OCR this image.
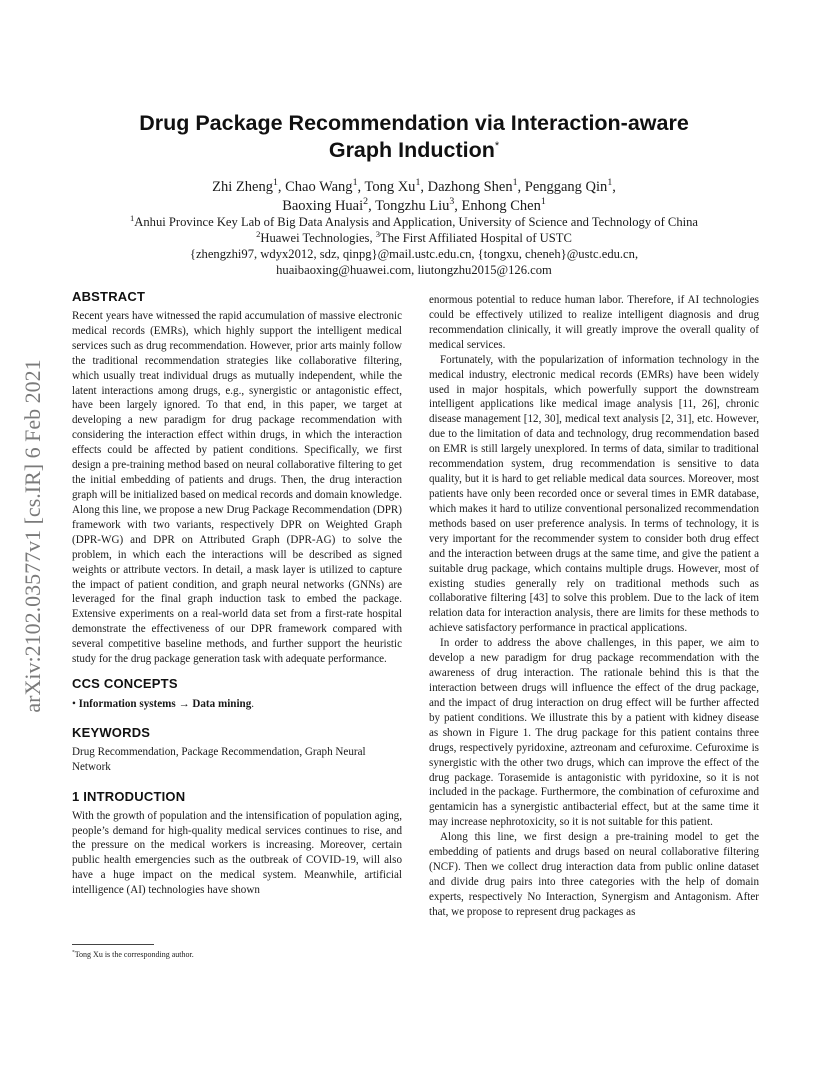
arXiv:2102.03577v1 [cs.IR] 6 Feb 2021
Drug Package Recommendation via Interaction-aware
Graph Induction*
Zhi Zheng$^1$, Chao Wang$^1$, Tong Xu$^1$, Dazhong Shen$^1$, Penggang Qin$^1$,
Baoxing Huai$^2$, Tongzhu Liu$^3$, Enhong Chen$^1$
$^1$Anhui Province Key Lab of Big Data Analysis and Application, University of Science and Technology of China
$^2$Huawei Technologies, $^3$The First Affiliated Hospital of USTC
{zhengzhi97, wdyx2012, sdz, qinpg}@mail.ustc.edu.cn, {tongxu, cheneh}@ustc.edu.cn,
huaibaoxing@huawei.com, liutongzhu2015@126.com
ABSTRACT

Recent years have witnessed the rapid accumulation of massive electronic medical records (EMRs), which highly support the intelligent medical services such as drug recommendation. However, prior arts mainly follow the traditional recommendation strategies like collaborative filtering, which usually treat individual drugs as mutually independent, while the latent interactions among drugs, e.g., synergistic or antagonistic effect, have been largely ignored. To that end, in this paper, we target at developing a new paradigm for drug package recommendation with considering the interaction effect within drugs, in which the interaction effects could be affected by patient conditions. Specifically, we first design a pre-training method based on neural collaborative filtering to get the initial embedding of patients and drugs. Then, the drug interaction graph will be initialized based on medical records and domain knowledge. Along this line, we propose a new Drug Package Recommendation (DPR) framework with two variants, respectively DPR on Weighted Graph (DPR-WG) and DPR on Attributed Graph (DPR-AG) to solve the problem, in which each the interactions will be described as signed weights or attribute vectors. In detail, a mask layer is utilized to capture the impact of patient condition, and graph neural networks (GNNs) are leveraged for the final graph induction task to embed the package. Extensive experiments on a real-world data set from a first-rate hospital demonstrate the effectiveness of our DPR framework compared with several competitive baseline methods, and further support the heuristic study for the drug package generation task with adequate performance.

CCS CONCEPTS

• Information systems → Data mining.

KEYWORDS

Drug Recommendation, Package Recommendation, Graph Neural Network

1 INTRODUCTION

With the growth of population and the intensification of population aging, people’s demand for high-quality medical services continues to rise, and the pressure on the medical workers is increasing. Moreover, certain public health emergencies such as the outbreak of COVID-19, will also have a huge impact on the medical system. Meanwhile, artificial intelligence (AI) technologies have shown

enormous potential to reduce human labor. Therefore, if AI technologies could be effectively utilized to realize intelligent diagnosis and drug recommendation clinically, it will greatly improve the overall quality of medical services.

Fortunately, with the popularization of information technology in the medical industry, electronic medical records (EMRs) have been widely used in major hospitals, which powerfully support the downstream intelligent applications like medical image analysis [11, 26], chronic disease management [12, 30], medical text analysis [2, 31], etc. However, due to the limitation of data and technology, drug recommendation based on EMR is still largely unexplored. In terms of data, similar to traditional recommendation system, drug recommendation is sensitive to data quality, but it is hard to get reliable medical data sources. Moreover, most patients have only been recorded once or several times in EMR database, which makes it hard to utilize conventional personalized recommendation methods based on user preference analysis. In terms of technology, it is very important for the recommender system to consider both drug effect and the interaction between drugs at the same time, and give the patient a suitable drug package, which contains multiple drugs. However, most of existing studies generally rely on traditional methods such as collaborative filtering [43] to solve this problem. Due to the lack of item relation data for interaction analysis, there are limits for these methods to achieve satisfactory performance in practical applications.

In order to address the above challenges, in this paper, we aim to develop a new paradigm for drug package recommendation with the awareness of drug interaction. The rationale behind this is that the interaction between drugs will influence the effect of the drug package, and the impact of drug interaction on drug effect will be further affected by patient conditions. We illustrate this by a patient with kidney disease as shown in Figure 1. The drug package for this patient contains three drugs, respectively pyridoxine, aztreonam and cefuroxime. Cefuroxime is synergistic with the other two drugs, which can improve the effect of the drug package. Torasemide is antagonistic with pyridoxine, so it is not included in the package. Furthermore, the combination of cefuroxime and gentamicin has a synergistic antibacterial effect, but at the same time it may increase nephrotoxicity, so it is not suitable for this patient.

Along this line, we first design a pre-training model to get the embedding of patients and drugs based on neural collaborative filtering (NCF). Then we collect drug interaction data from public online dataset and divide drug pairs into three categories with the help of domain experts, respectively No Interaction, Synergism and Antagonism. After that, we propose to represent drug packages as

*Tong Xu is the corresponding author.
